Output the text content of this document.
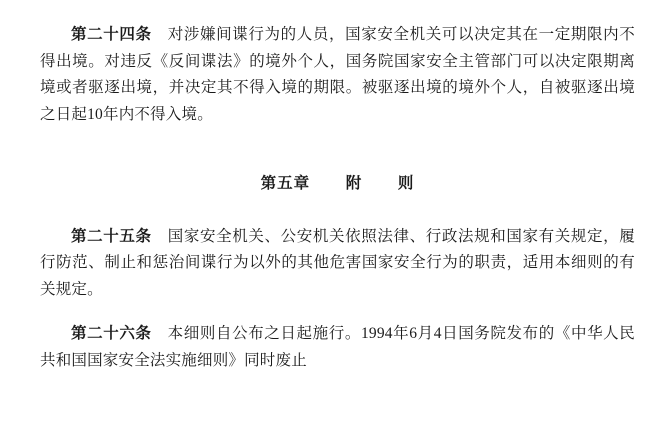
第二十四条　 对涉嫌间谍行为的人员，国家安全机关可以决定其在一定期限内不得出境。对违反《反间谍法》的境外个人，国务院国家安全主管部门可以决定限期离境或者驱逐出境，并决定其不得入境的期限。被驱逐出境的境外个人，自被驱逐出境之日起10年内不得入境。

第五章 附 则

第二十五条　 国家安全机关、公安机关依照法律、行政法规和国家有关规定，履行防范、制止和惩治间谍行为以外的其他危害国家安全行为的职责，适用本细则的有关规定。

第二十六条　 本细则自公布之日起施行。1994年6月4日国务院发布的《中华人民共和国国家安全法实施细则》同时废止
